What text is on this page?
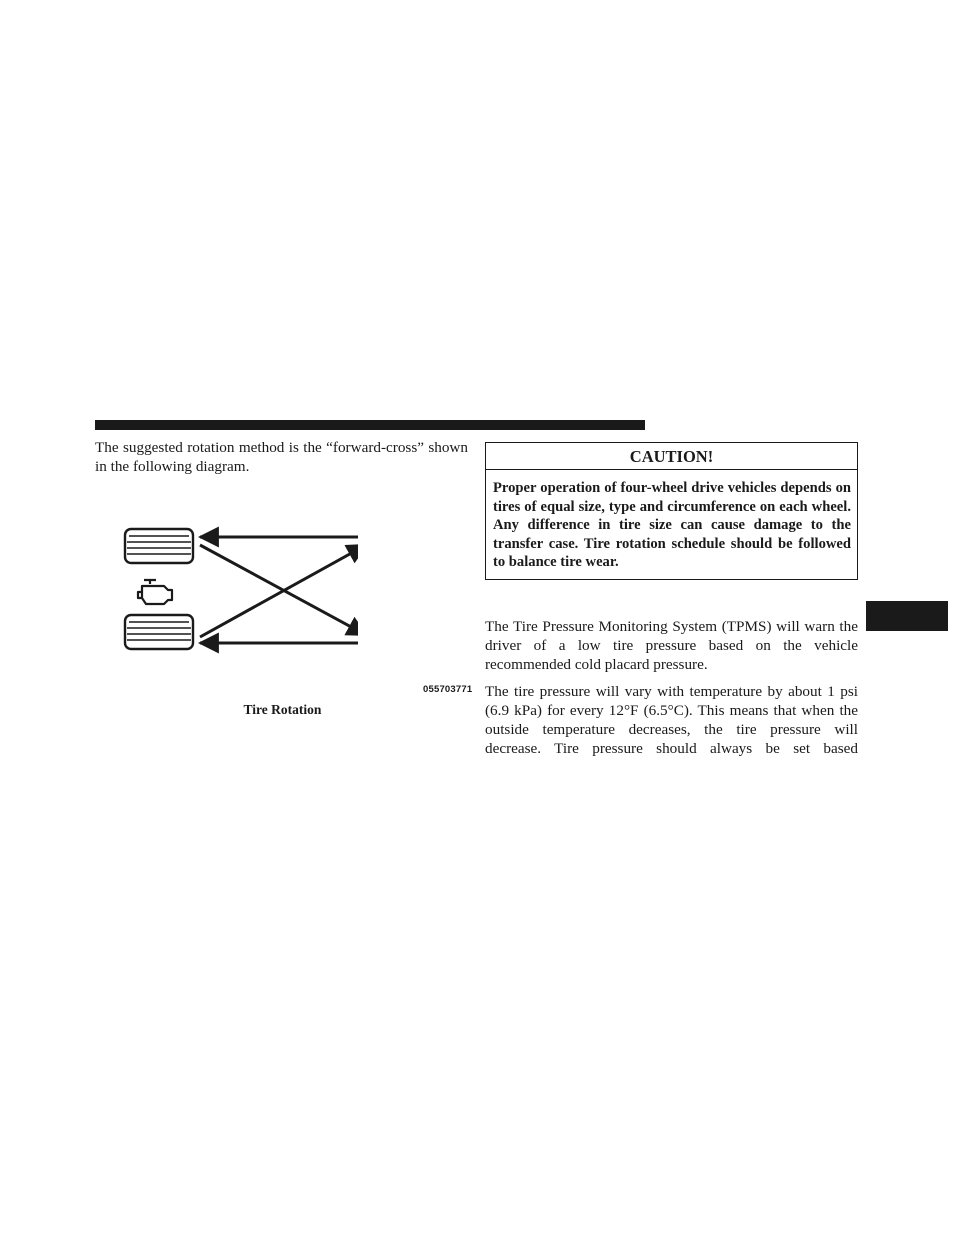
The suggested rotation method is the “forward-cross” shown in the following diagram.

055703771
Tire Rotation
CAUTION!

Proper operation of four-wheel drive vehicles depends on tires of equal size, type and circumference on each wheel. Any difference in tire size can cause damage to the transfer case. Tire rotation schedule should be followed to balance tire wear.

The Tire Pressure Monitoring System (TPMS) will warn the driver of a low tire pressure based on the vehicle recommended cold placard pressure.

The tire pressure will vary with temperature by about 1 psi (6.9 kPa) for every 12°F (6.5°C). This means that when the outside temperature decreases, the tire pressure will decrease. Tire pressure should always be set based
